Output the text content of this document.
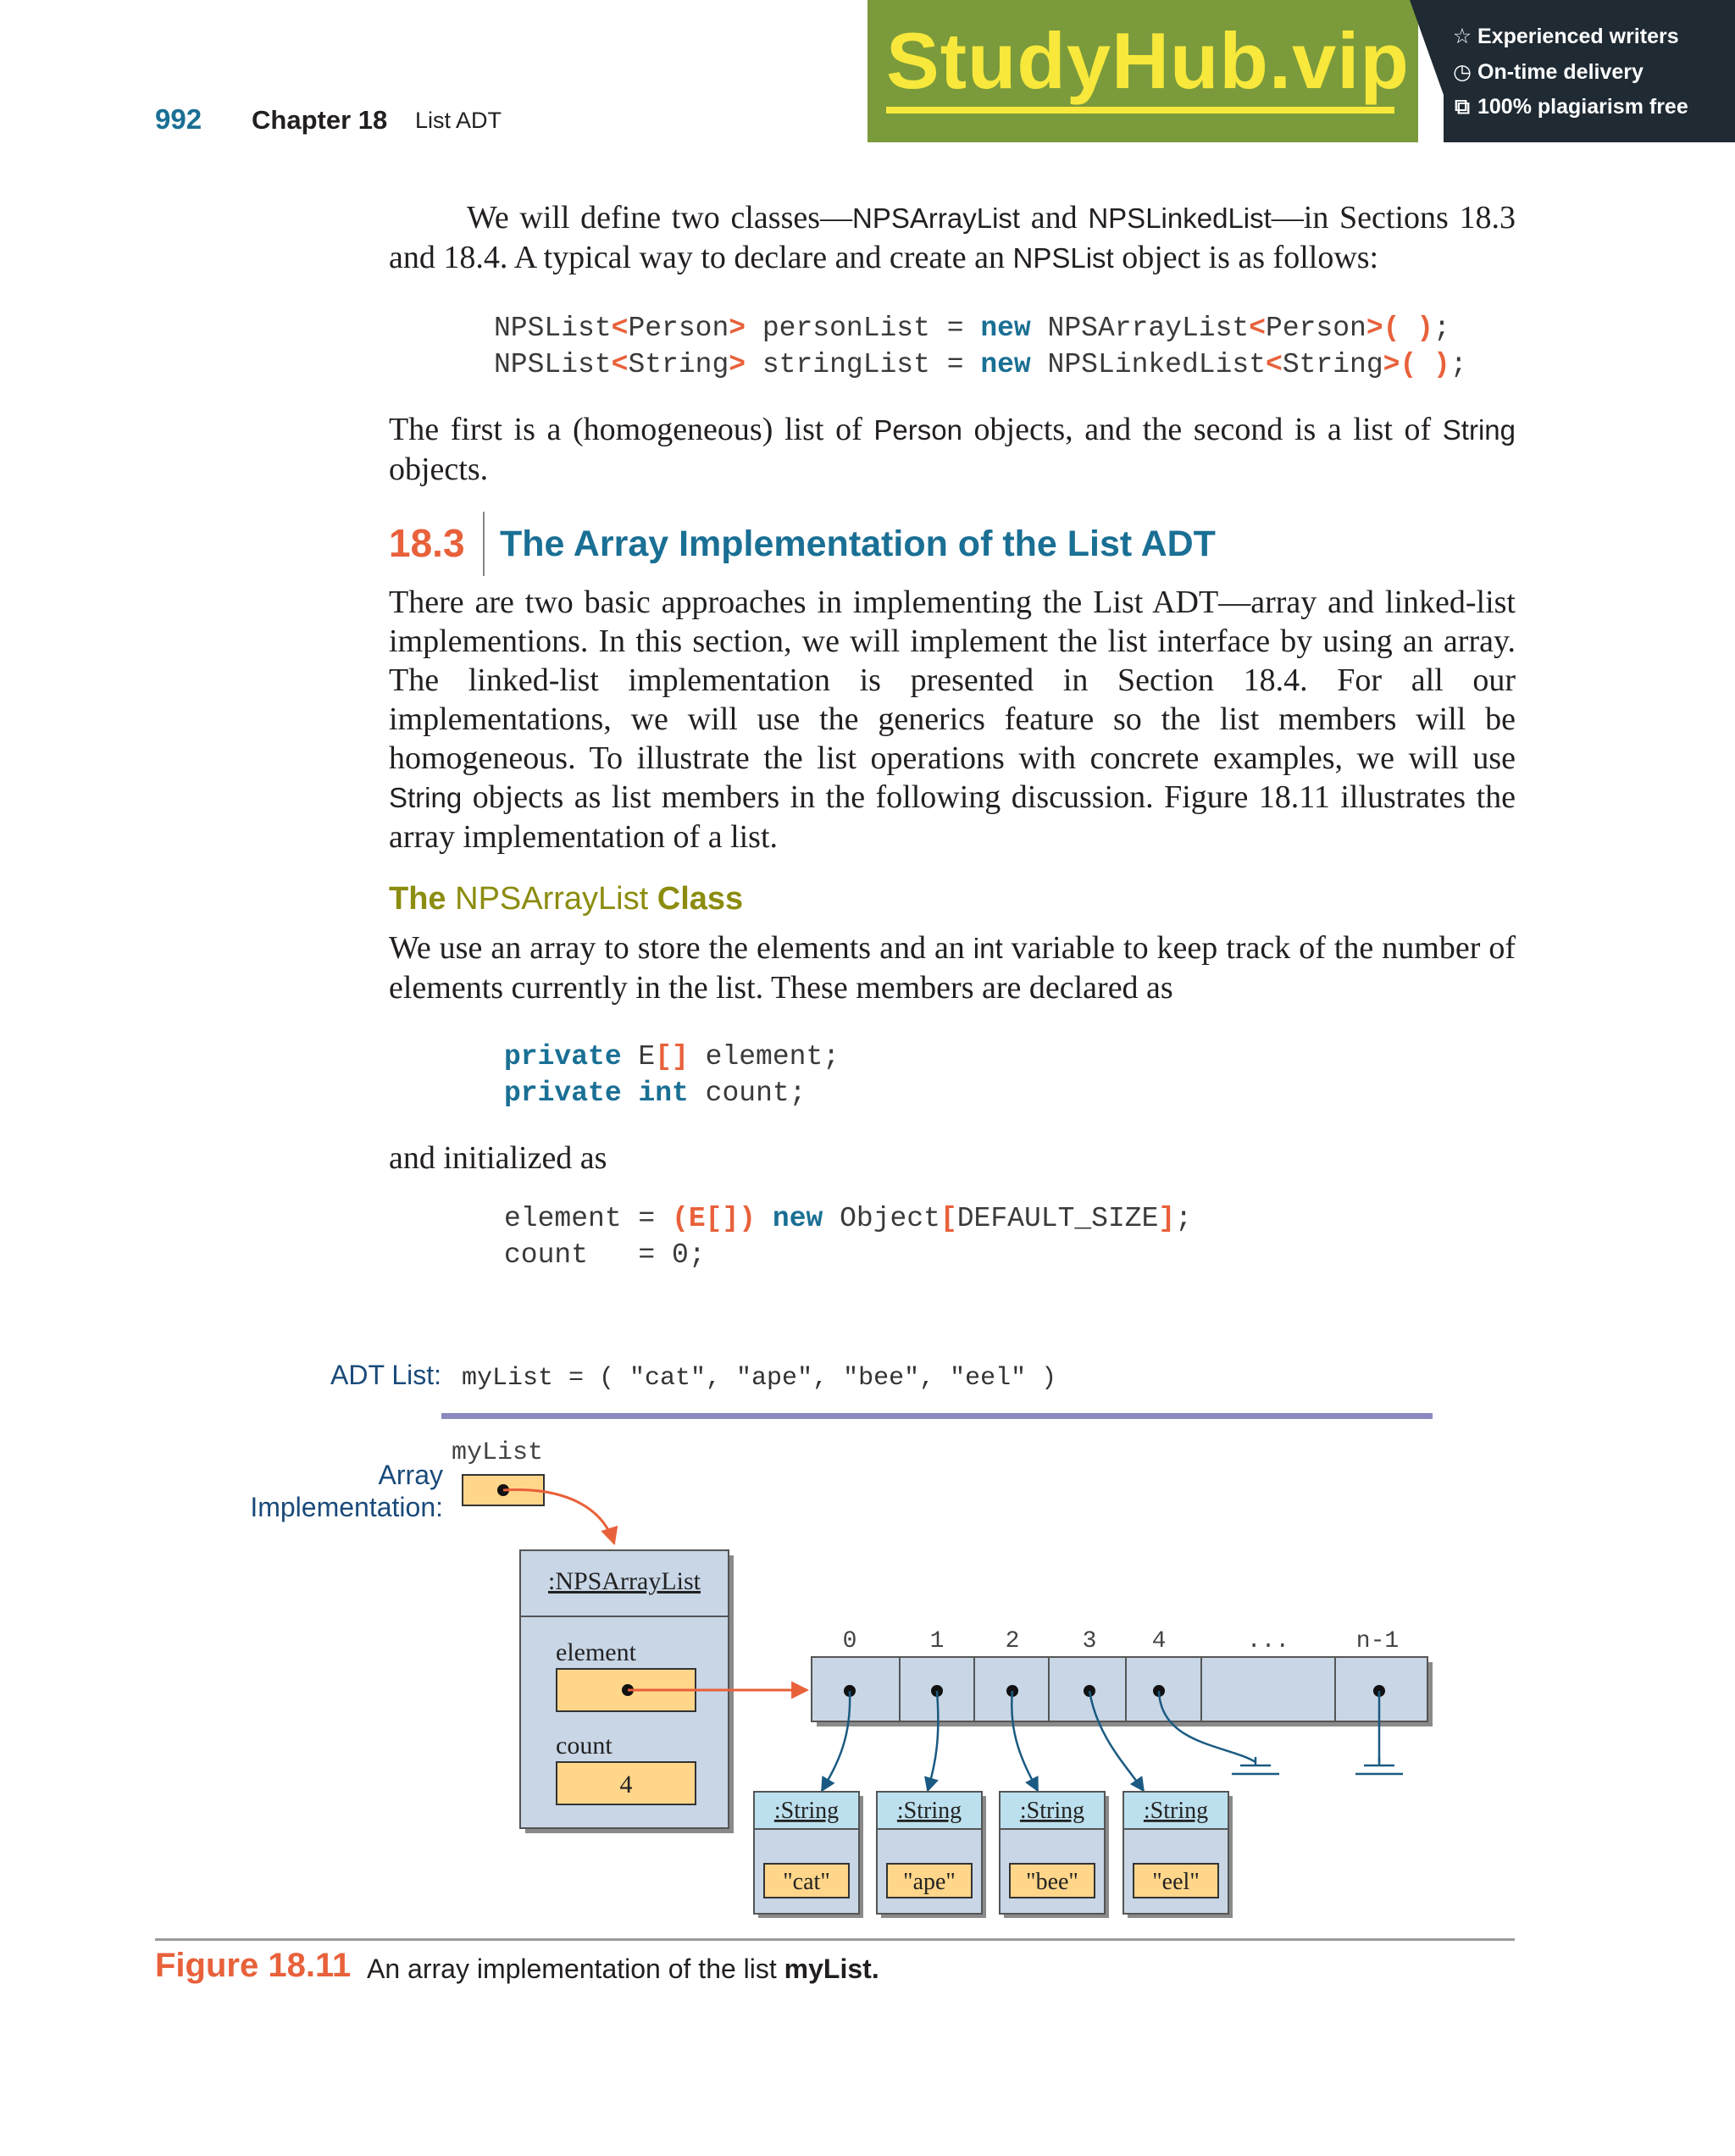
992 Chapter 18 List ADT
StudyHub.vip ☆ Experienced writers
◷ On-time delivery
⧉ 100% plagiarism free
We will define two classes—NPSArrayList and NPSLinkedList—in Sections 18.3 and 18.4. A typical way to declare and create an NPSList object is as follows:
NPSList<Person> personList = new NPSArrayList<Person>( );
NPSList<String> stringList = new NPSLinkedList<String>( );
The first is a (homogeneous) list of Person objects, and the second is a list of String objects.
18.3 The Array Implementation of the List ADT
There are two basic approaches in implementing the List ADT—array and linked-list implementions. In this section, we will implement the list interface by using an array. The linked-list implementation is presented in Section 18.4. For all our implementations, we will use the generics feature so the list members will be homogeneous. To illustrate the list operations with concrete examples, we will use String objects as list members in the following discussion. Figure 18.11 illustrates the array implementation of a list.
The NPSArrayList Class
We use an array to store the elements and an int variable to keep track of the number of elements currently in the list. These members are declared as
private E[] element;
private int count;
and initialized as
element = (E[]) new Object[DEFAULT_SIZE];
count   = 0;
ADT List: myList = ( "cat", "ape", "bee", "eel" )
myList
Array
Implementation:
:NPSArrayList
element
count
4
0	1	2	3 4	...	n-1
:String
"cat"
:String
"ape"
:String
"bee"
:String
"eel"
Figure 18.11 An array implementation of the list myList.
